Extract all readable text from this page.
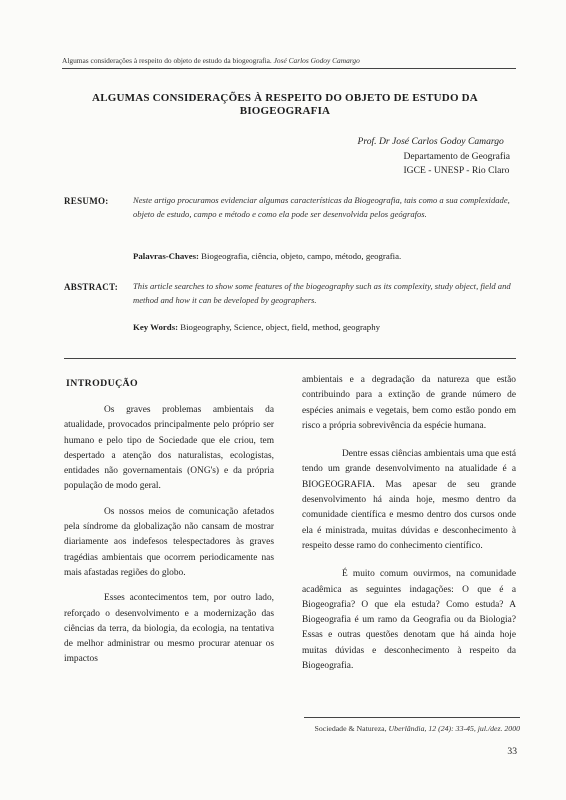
Algumas considerações à respeito do objeto de estudo da biogeografia. José Carlos Godoy Camargo
ALGUMAS CONSIDERAÇÕES À RESPEITO DO OBJETO DE ESTUDO DA BIOGEOGRAFIA
Prof. Dr José Carlos Godoy Camargo
Departamento de Geografia
IGCE - UNESP - Rio Claro
RESUMO:	Neste artigo procuramos evidenciar algumas características da Biogeografia, tais como a sua complexidade, objeto de estudo, campo e método e como ela pode ser desenvolvida pelos geógrafos.
Palavras-Chaves: Biogeografia, ciência, objeto, campo, método, geografia.
ABSTRACT: This article searches to show some features of the biogeography such as its complexity, study object, field and method and how it can be developed by geographers.
Key Words: Biogeography, Science, object, field, method, geography
INTRODUÇÃO

Os graves problemas ambientais da atualidade, provocados principalmente pelo próprio ser humano e pelo tipo de Sociedade que ele criou, tem despertado a atenção dos naturalistas, ecologistas, entidades não governamentais (ONG's) e da própria população de modo geral.

Os nossos meios de comunicação afetados pela síndrome da globalização não cansam de mostrar diariamente aos indefesos telespectadores às graves tragédias ambientais que ocorrem periodicamente nas mais afastadas regiões do globo.

Esses acontecimentos tem, por outro lado, reforçado o desenvolvimento e a modernização das ciências da terra, da biologia, da ecologia, na tentativa de melhor administrar ou mesmo procurar atenuar os impactos

ambientais e a degradação da natureza que estão contribuindo para a extinção de grande número de espécies animais e vegetais, bem como estão pondo em risco a própria sobrevivência da espécie humana.

Dentre essas ciências ambientais uma que está tendo um grande desenvolvimento na atualidade é a BIOGEOGRAFIA. Mas apesar de seu grande desenvolvimento há ainda hoje, mesmo dentro da comunidade científica e mesmo dentro dos cursos onde ela é ministrada, muitas dúvidas e desconhecimento à respeito desse ramo do conhecimento científico.

É muito comum ouvirmos, na comunidade acadêmica as seguintes indagações: O que é a Biogeografia? O que ela estuda? Como estuda? A Biogeografia é um ramo da Geografia ou da Biologia? Essas e outras questões denotam que há ainda hoje muitas dúvidas e desconhecimento à respeito da Biogeografia.

Sociedade & Natureza, Uberlândia, 12 (24): 33-45, jul./dez. 2000
33
